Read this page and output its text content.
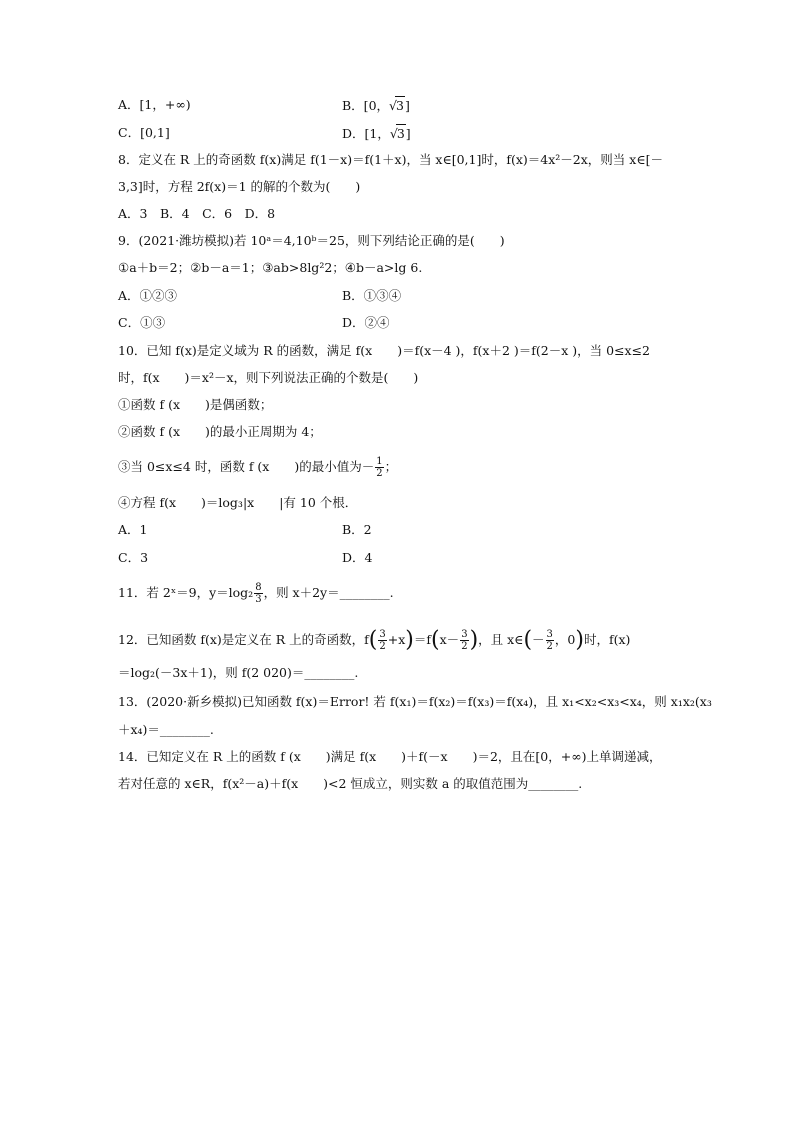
A．[1，+∞)	B．[0，√3]
C．[0,1]	D．[1，√3]
8．定义在 R 上的奇函数 f(x)满足 f(1－x)＝f(1＋x)，当 x∈[0,1]时，f(x)＝4x²－2x，则当 x∈[－
3,3]时，方程 2f(x)＝1 的解的个数为(　　)
A．3　B．4　C．6　D．8
9．(2021·潍坊模拟)若 10ᵃ＝4,10ᵇ＝25，则下列结论正确的是(　　)
①a＋b＝2；②b－a＝1；③ab>8lg²2；④b－a>lg 6.
A．①②③	B．①③④
C．①③	D．②④
10．已知 f(x)是定义域为 R 的函数，满足 f(x　　)＝f(x－4 )，f(x＋2 )＝f(2－x )，当 0≤x≤2
时，f(x　　)＝x²－x，则下列说法正确的个数是(　　)
①函数 f (x　　)是偶函数；
②函数 f (x　　)的最小正周期为 4；
③当 0≤x≤4 时，函数 f (x　　)的最小值为－ $\frac{1}{2}$ ；
④方程 f(x　　)＝log₃|x　　|有 10 个根．
A．1	B．2
C．3	D．4
11．若 2ˣ＝9，$y=\log_2 \frac{8}{3}$ ，则 x＋2y＝________.
12．已知函数 f(x)是定义在 R 上的奇函数，$f( \frac{3}{2} +x)=f(x- \frac{3}{2}$ )，且 x∈(－ $\frac{3}{2}$ ，0)时，f(x)
＝log₂(－3x＋1)，则 f(2 020)＝________.
13．(2020·新乡模拟)已知函数 f(x)＝Error! 若 f(x₁)＝f(x₂)＝f(x₃)＝f(x₄)，且 x₁<x₂<x₃<x₄，则 x₁x₂(x₃
＋x₄)＝________.
14．已知定义在 R 上的函数 f (x　　)满足 f(x　　)＋f(－x　　)＝2，且在[0，+∞)上单调递减，
若对任意的 x∈R，f(x²－a)＋f(x　　)<2 恒成立，则实数 a 的取值范围为________.
